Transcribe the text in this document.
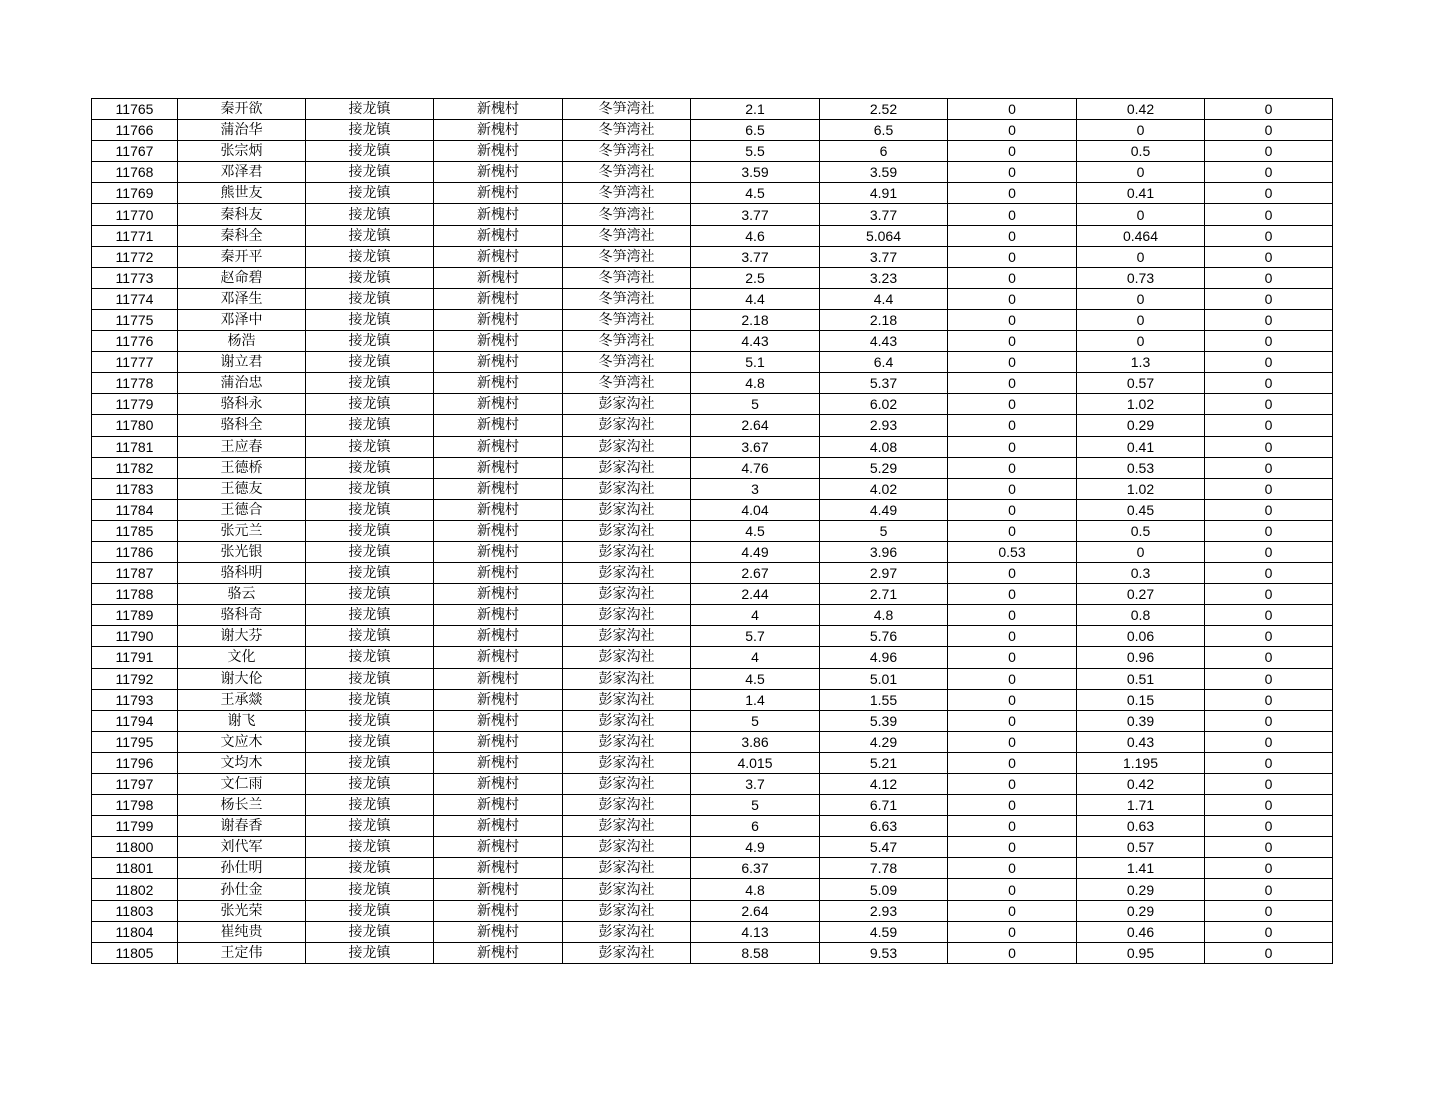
11765	秦开欲	接龙镇	新槐村	冬笋湾社	2.1	2.52	0	0.42	0
11766	蒲治华	接龙镇	新槐村	冬笋湾社	6.5	6.5	0	0	0
11767	张宗炳	接龙镇	新槐村	冬笋湾社	5.5	6	0	0.5	0
11768	邓泽君	接龙镇	新槐村	冬笋湾社	3.59	3.59	0	0	0
11769	熊世友	接龙镇	新槐村	冬笋湾社	4.5	4.91	0	0.41	0
11770	秦科友	接龙镇	新槐村	冬笋湾社	3.77	3.77	0	0	0
11771	秦科全	接龙镇	新槐村	冬笋湾社	4.6	5.064	0	0.464	0
11772	秦开平	接龙镇	新槐村	冬笋湾社	3.77	3.77	0	0	0
11773	赵命碧	接龙镇	新槐村	冬笋湾社	2.5	3.23	0	0.73	0
11774	邓泽生	接龙镇	新槐村	冬笋湾社	4.4	4.4	0	0	0
11775	邓泽中	接龙镇	新槐村	冬笋湾社	2.18	2.18	0	0	0
11776	杨浩	接龙镇	新槐村	冬笋湾社	4.43	4.43	0	0	0
11777	谢立君	接龙镇	新槐村	冬笋湾社	5.1	6.4	0	1.3	0
11778	蒲治忠	接龙镇	新槐村	冬笋湾社	4.8	5.37	0	0.57	0
11779	骆科永	接龙镇	新槐村	彭家沟社	5	6.02	0	1.02	0
11780	骆科全	接龙镇	新槐村	彭家沟社	2.64	2.93	0	0.29	0
11781	王应春	接龙镇	新槐村	彭家沟社	3.67	4.08	0	0.41	0
11782	王德桥	接龙镇	新槐村	彭家沟社	4.76	5.29	0	0.53	0
11783	王德友	接龙镇	新槐村	彭家沟社	3	4.02	0	1.02	0
11784	王德合	接龙镇	新槐村	彭家沟社	4.04	4.49	0	0.45	0
11785	张元兰	接龙镇	新槐村	彭家沟社	4.5	5	0	0.5	0
11786	张光银	接龙镇	新槐村	彭家沟社	4.49	3.96	0.53	0	0
11787	骆科明	接龙镇	新槐村	彭家沟社	2.67	2.97	0	0.3	0
11788	骆云	接龙镇	新槐村	彭家沟社	2.44	2.71	0	0.27	0
11789	骆科奇	接龙镇	新槐村	彭家沟社	4	4.8	0	0.8	0
11790	谢大芬	接龙镇	新槐村	彭家沟社	5.7	5.76	0	0.06	0
11791	文化	接龙镇	新槐村	彭家沟社	4	4.96	0	0.96	0
11792	谢大伦	接龙镇	新槐村	彭家沟社	4.5	5.01	0	0.51	0
11793	王承燚	接龙镇	新槐村	彭家沟社	1.4	1.55	0	0.15	0
11794	谢飞	接龙镇	新槐村	彭家沟社	5	5.39	0	0.39	0
11795	文应木	接龙镇	新槐村	彭家沟社	3.86	4.29	0	0.43	0
11796	文均木	接龙镇	新槐村	彭家沟社	4.015	5.21	0	1.195	0
11797	文仁雨	接龙镇	新槐村	彭家沟社	3.7	4.12	0	0.42	0
11798	杨长兰	接龙镇	新槐村	彭家沟社	5	6.71	0	1.71	0
11799	谢春香	接龙镇	新槐村	彭家沟社	6	6.63	0	0.63	0
11800	刘代军	接龙镇	新槐村	彭家沟社	4.9	5.47	0	0.57	0
11801	孙仕明	接龙镇	新槐村	彭家沟社	6.37	7.78	0	1.41	0
11802	孙仕金	接龙镇	新槐村	彭家沟社	4.8	5.09	0	0.29	0
11803	张光荣	接龙镇	新槐村	彭家沟社	2.64	2.93	0	0.29	0
11804	崔纯贵	接龙镇	新槐村	彭家沟社	4.13	4.59	0	0.46	0
11805	王定伟	接龙镇	新槐村	彭家沟社	8.58	9.53	0	0.95	0
